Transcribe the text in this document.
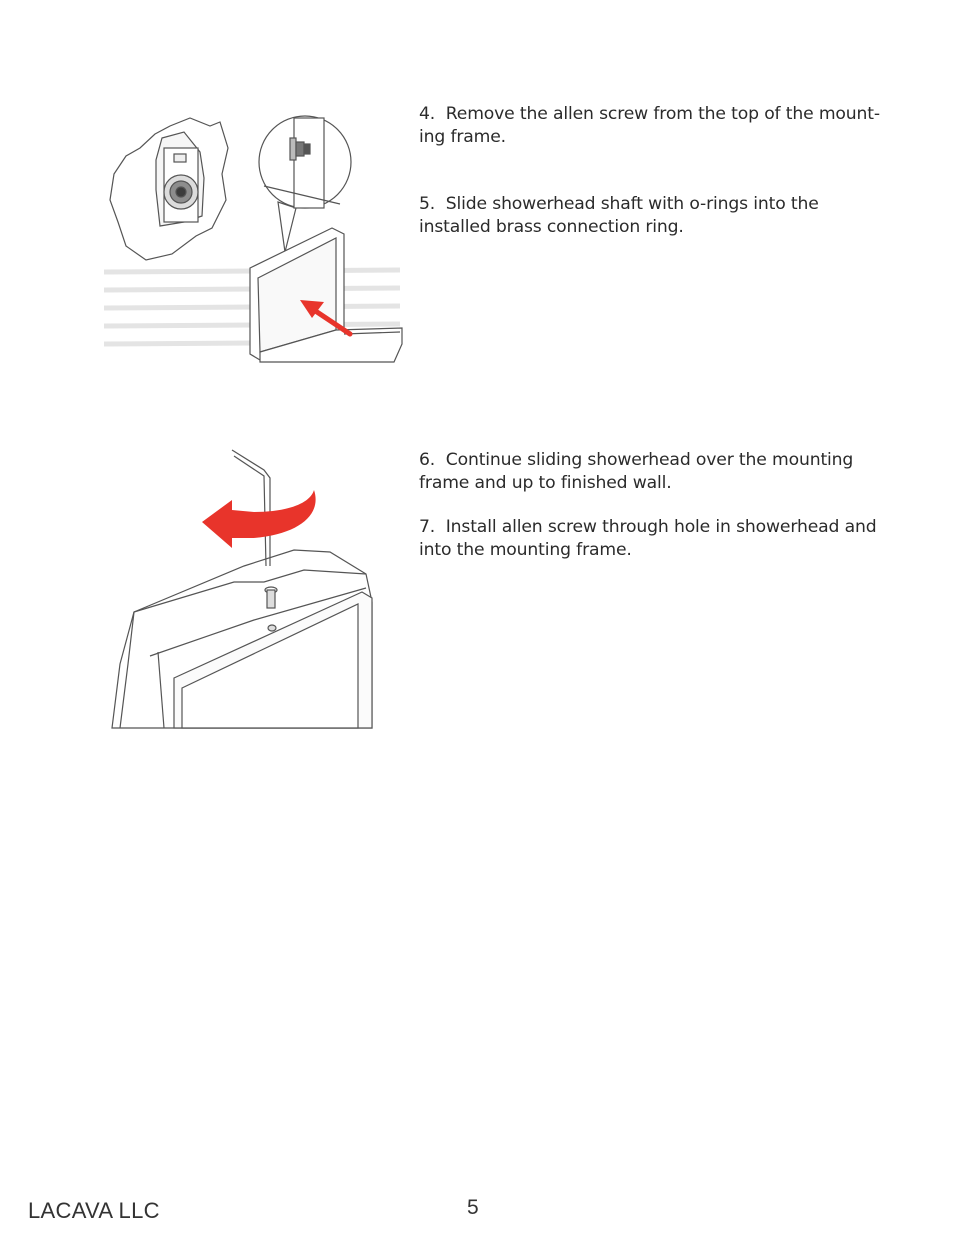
4. Remove the allen screw from the top of the mount-
ing frame.

5. Slide showerhead shaft with o-rings into the
installed brass connection ring.

6. Continue sliding showerhead over the mounting
frame and up to finished wall.

7. Install allen screw through hole in showerhead and
into the mounting frame.

LACAVA LLC	5
